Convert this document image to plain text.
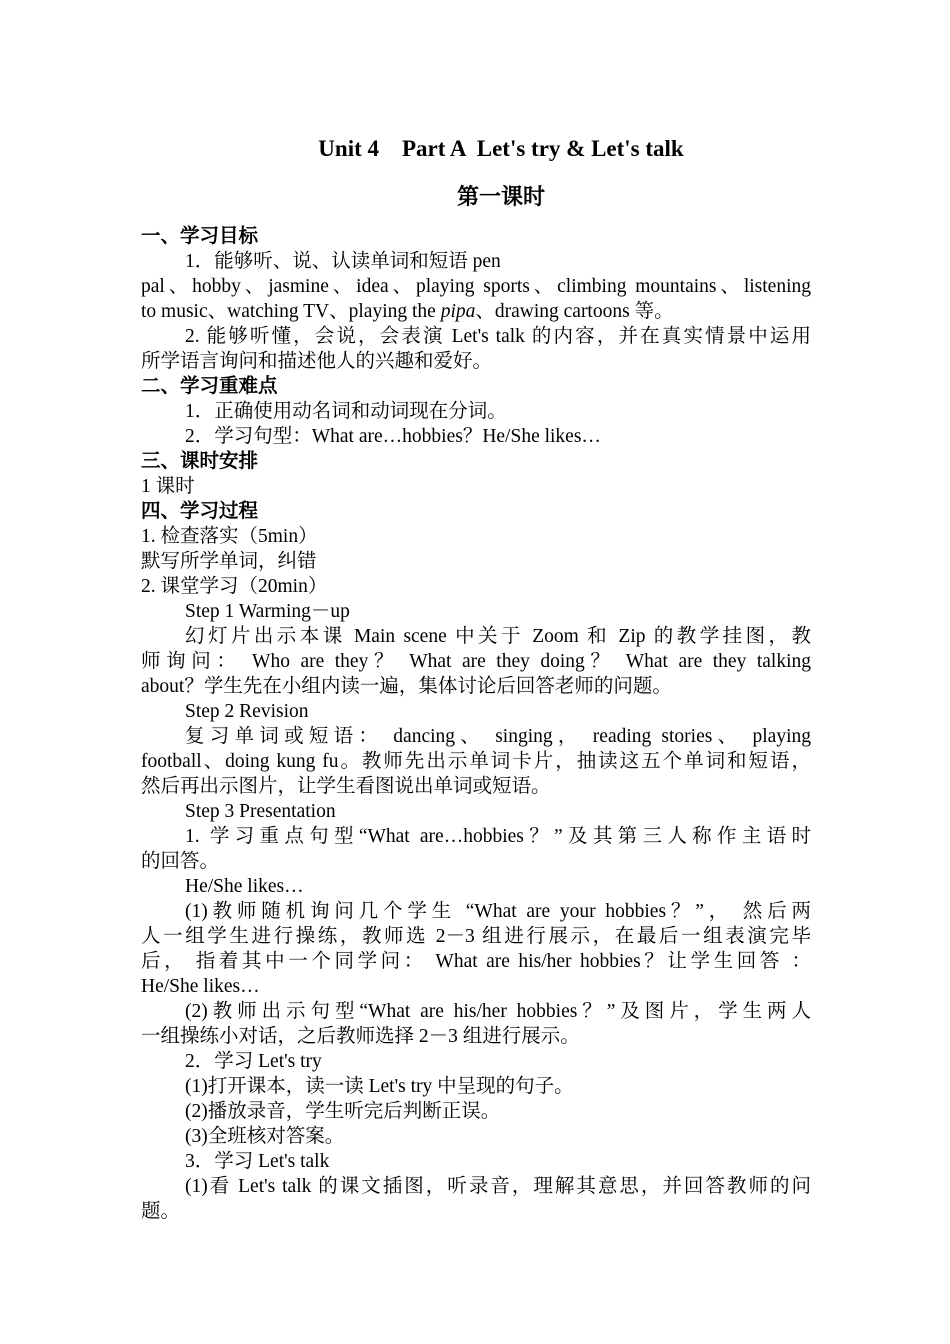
Unit 4    Part A  Let's try & Let's talk

第一课时

一、学习目标

1．能够听、说、认读单词和短语 pen

pal、hobby、jasmine、idea、playing sports、climbing mountains、listening

to music、watching TV、playing the pipa、drawing cartoons 等。

2. 能够听懂，会说，会表演 Let's talk 的内容，并在真实情景中运用

所学语言询问和描述他人的兴趣和爱好。

二、学习重难点

1．正确使用动名词和动词现在分词。

2．学习句型：What are…hobbies？He/She likes…

三、课时安排

1 课时

四、学习过程

1. 检查落实（5min）

默写所学单词，纠错

2. 课堂学习（20min）

Step 1 Warming－up

幻灯片出示本课 Main scene 中关于 Zoom 和 Zip 的教学挂图，教

师询问： Who are they？ What are they doing？ What are they talking

about？学生先在小组内读一遍，集体讨论后回答老师的问题。

Step 2 Revision

复习单词或短语： dancing、 singing， reading stories、 playing

football、doing kung fu。教师先出示单词卡片，抽读这五个单词和短语，

然后再出示图片，让学生看图说出单词或短语。

Step 3 Presentation

1. 学习重点句型“What are…hobbies？”及其第三人称作主语时

的回答。

He/She likes…

(1)教师随机询问几个学生 “What are your hobbies？”， 然后两

人一组学生进行操练，教师选 2－3 组进行展示，在最后一组表演完毕

后， 指着其中一个同学问： What are his/her hobbies？让学生回答 ：

He/She likes…

(2)教师出示句型“What are his/her hobbies？”及图片，学生两人

一组操练小对话，之后教师选择 2－3 组进行展示。

2．学习 Let's try

(1)打开课本，读一读 Let's try 中呈现的句子。

(2)播放录音，学生听完后判断正误。

(3)全班核对答案。

3．学习 Let's talk

(1)看 Let's talk 的课文插图，听录音，理解其意思，并回答教师的问

题。
